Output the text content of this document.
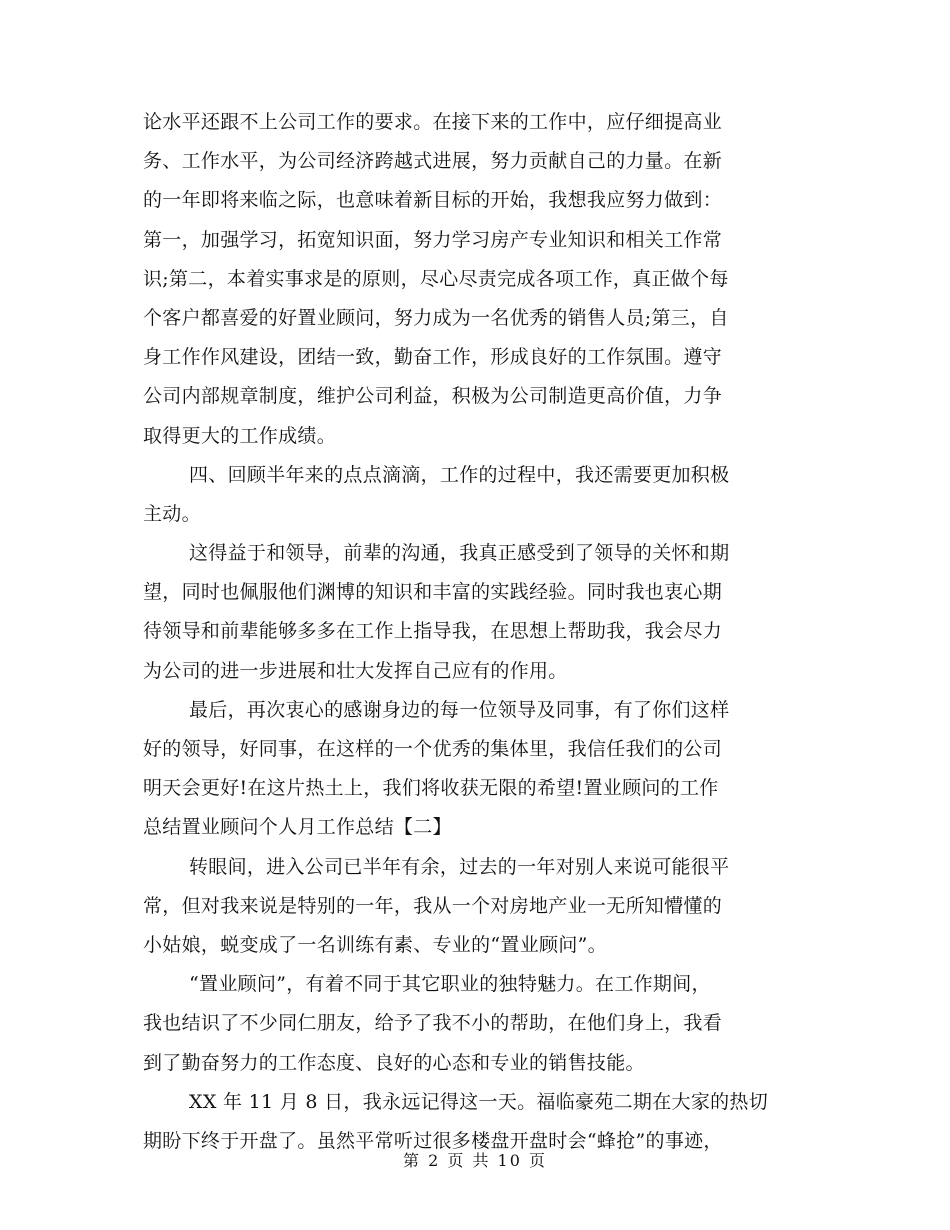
论水平还跟不上公司工作的要求。在接下来的工作中，应仔细提高业
务、工作水平，为公司经济跨越式进展，努力贡献自己的力量。在新
的一年即将来临之际，也意味着新目标的开始，我想我应努力做到：
第一，加强学习，拓宽知识面，努力学习房产专业知识和相关工作常
识;第二，本着实事求是的原则，尽心尽责完成各项工作，真正做个每
个客户都喜爱的好置业顾问，努力成为一名优秀的销售人员;第三，自
身工作作风建设，团结一致，勤奋工作，形成良好的工作氛围。遵守
公司内部规章制度，维护公司利益，积极为公司制造更高价值，力争
取得更大的工作成绩。
四、回顾半年来的点点滴滴，工作的过程中，我还需要更加积极
主动。
这得益于和领导，前辈的沟通，我真正感受到了领导的关怀和期
望，同时也佩服他们渊博的知识和丰富的实践经验。同时我也衷心期
待领导和前辈能够多多在工作上指导我，在思想上帮助我，我会尽力
为公司的进一步进展和壮大发挥自己应有的作用。
最后，再次衷心的感谢身边的每一位领导及同事，有了你们这样
好的领导，好同事，在这样的一个优秀的集体里，我信任我们的公司
明天会更好!在这片热土上，我们将收获无限的希望!置业顾问的工作
总结置业顾问个人月工作总结【二】
转眼间，进入公司已半年有余，过去的一年对别人来说可能很平
常，但对我来说是特别的一年，我从一个对房地产业一无所知懵懂的
小姑娘，蜕变成了一名训练有素、专业的“置业顾问”。
“置业顾问”，有着不同于其它职业的独特魅力。在工作期间，
我也结识了不少同仁朋友，给予了我不小的帮助，在他们身上，我看
到了勤奋努力的工作态度、良好的心态和专业的销售技能。
XX 年 11 月 8 日，我永远记得这一天。福临豪苑二期在大家的热切
期盼下终于开盘了。虽然平常听过很多楼盘开盘时会“蜂抢”的事迹，
第 2 页 共 10 页
